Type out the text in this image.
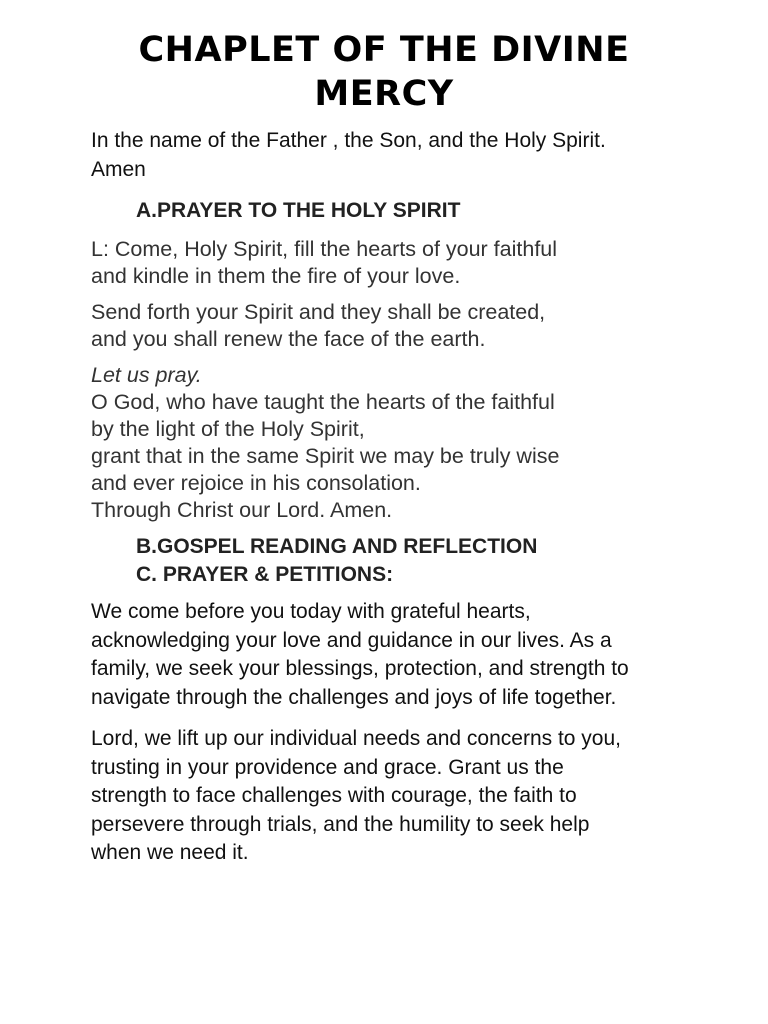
CHAPLET OF THE DIVINE
MERCY
In the name of the Father , the Son, and the Holy Spirit.
Amen
A.PRAYER TO THE HOLY SPIRIT
L: Come, Holy Spirit, fill the hearts of your faithful
and kindle in them the fire of your love.
Send forth your Spirit and they shall be created,
and you shall renew the face of the earth.
Let us pray.
O God, who have taught the hearts of the faithful
by the light of the Holy Spirit,
grant that in the same Spirit we may be truly wise
and ever rejoice in his consolation.
Through Christ our Lord. Amen.
B.GOSPEL READING AND REFLECTION
C. PRAYER & PETITIONS:
We come before you today with grateful hearts,
acknowledging your love and guidance in our lives. As a
family, we seek your blessings, protection, and strength to
navigate through the challenges and joys of life together.
Lord, we lift up our individual needs and concerns to you,
trusting in your providence and grace. Grant us the
strength to face challenges with courage, the faith to
persevere through trials, and the humility to seek help
when we need it.
